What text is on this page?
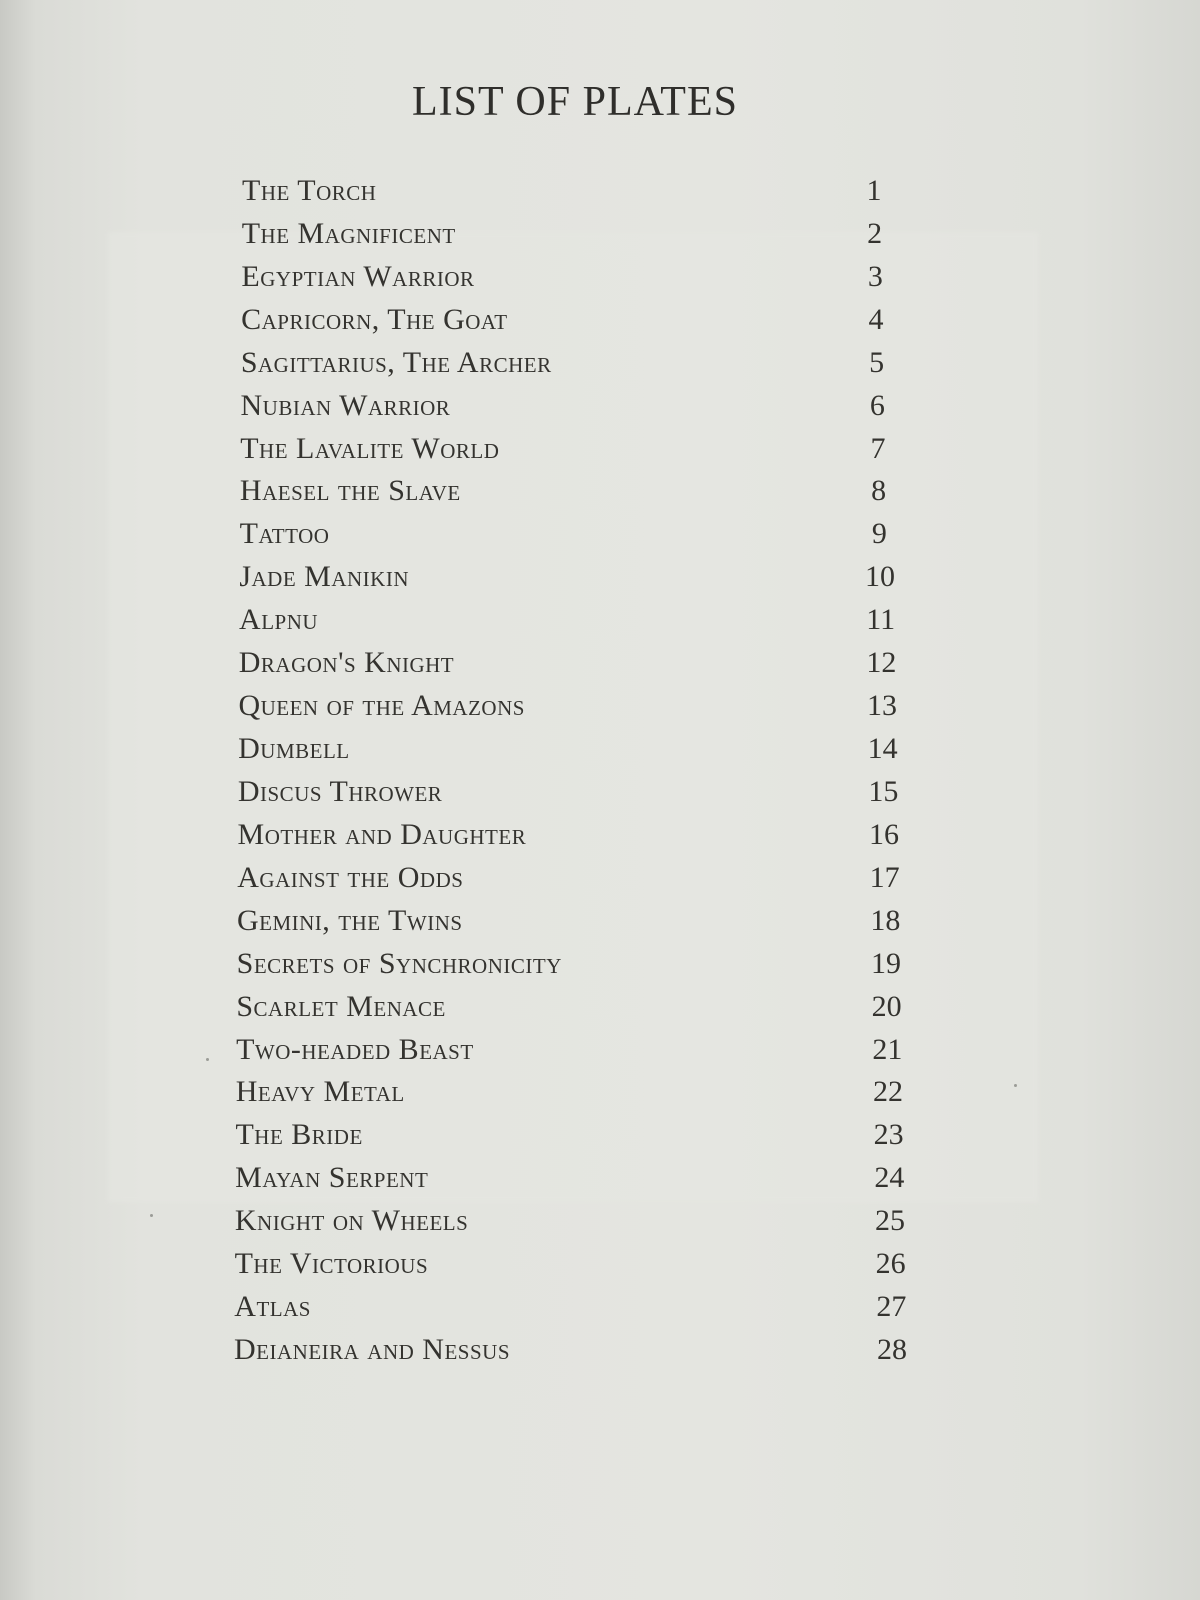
LIST OF PLATES
The Torch	1
The Magnificent	2
Egyptian Warrior	3
Capricorn, The Goat	4
Sagittarius, The Archer	5
Nubian Warrior	6
The Lavalite World	7
Haesel the Slave	8
Tattoo	9
Jade Manikin	10
Alpnu	11
Dragon's Knight	12
Queen of the Amazons	13
Dumbell	14
Discus Thrower	15
Mother and Daughter	16
Against the Odds	17
Gemini, the Twins	18
Secrets of Synchronicity	19
Scarlet Menace	20
Two-headed Beast	21
Heavy Metal	22
The Bride	23
Mayan Serpent	24
Knight on Wheels	25
The Victorious	26
Atlas	27
Deianeira and Nessus	28
